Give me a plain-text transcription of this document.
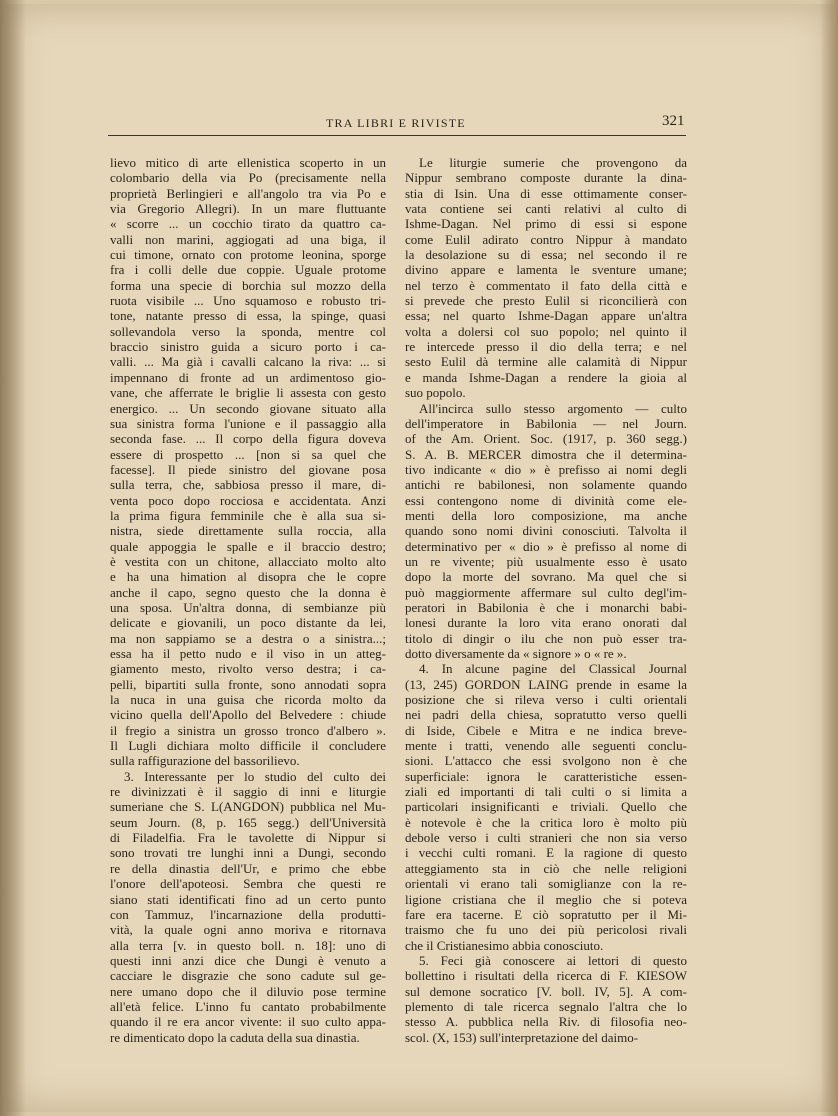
TRA LIBRI E RIVISTE	321
lievo mitico di arte ellenistica scoperto in un
colombario della via Po (precisamente nella
proprietà Berlingieri e all'angolo tra via Po e
via Gregorio Allegri). In un mare fluttuante
« scorre ... un cocchio tirato da quattro ca-
valli non marini, aggiogati ad una biga, il
cui timone, ornato con protome leonina, sporge
fra i colli delle due coppie. Uguale protome
forma una specie di borchia sul mozzo della
ruota visibile ... Uno squamoso e robusto tri-
tone, natante presso di essa, la spinge, quasi
sollevandola verso la sponda, mentre col
braccio sinistro guida a sicuro porto i ca-
valli. ... Ma già i cavalli calcano la riva: ... si
impennano di fronte ad un ardimentoso gio-
vane, che afferrate le briglie li assesta con gesto
energico. ... Un secondo giovane situato alla
sua sinistra forma l'unione e il passaggio alla
seconda fase. ... Il corpo della figura doveva
essere di prospetto ... [non si sa quel che
facesse]. Il piede sinistro del giovane posa
sulla terra, che, sabbiosa presso il mare, di-
venta poco dopo rocciosa e accidentata. Anzi
la prima figura femminile che è alla sua si-
nistra, siede direttamente sulla roccia, alla
quale appoggia le spalle e il braccio destro;
è vestita con un chitone, allacciato molto alto
e ha una himation al disopra che le copre
anche il capo, segno questo che la donna è
una sposa. Un'altra donna, di sembianze più
delicate e giovanili, un poco distante da lei,
ma non sappiamo se a destra o a sinistra...;
essa ha il petto nudo e il viso in un atteg-
giamento mesto, rivolto verso destra; i ca-
pelli, bipartiti sulla fronte, sono annodati sopra
la nuca in una guisa che ricorda molto da
vicino quella dell'Apollo del Belvedere : chiude
il fregio a sinistra un grosso tronco d'albero ».
Il Lugli dichiara molto difficile il concludere
sulla raffigurazione del bassorilievo.
3. Interessante per lo studio del culto dei
re divinizzati è il saggio di inni e liturgie
sumeriane che S. L(ANGDON) pubblica nel Mu-
seum Journ. (8, p. 165 segg.) dell'Università
di Filadelfia. Fra le tavolette di Nippur si
sono trovati tre lunghi inni a Dungi, secondo
re della dinastia dell'Ur, e primo che ebbe
l'onore dell'apoteosi. Sembra che questi re
siano stati identificati fino ad un certo punto
con Tammuz, l'incarnazione della produtti-
vità, la quale ogni anno moriva e ritornava
alla terra [v. in questo boll. n. 18]: uno di
questi inni anzi dice che Dungi è venuto a
cacciare le disgrazie che sono cadute sul ge-
nere umano dopo che il diluvio pose termine
all'età felice. L'inno fu cantato probabilmente
quando il re era ancor vivente: il suo culto appa-
re dimenticato dopo la caduta della sua dinastia.
Le liturgie sumerie che provengono da
Nippur sembrano composte durante la dina-
stia di Isin. Una di esse ottimamente conser-
vata contiene sei canti relativi al culto di
Ishme-Dagan. Nel primo di essi si espone
come Eulil adirato contro Nippur à mandato
la desolazione su di essa; nel secondo il re
divino appare e lamenta le sventure umane;
nel terzo è commentato il fato della città e
si prevede che presto Eulil si riconcilierà con
essa; nel quarto Ishme-Dagan appare un'altra
volta a dolersi col suo popolo; nel quinto il
re intercede presso il dio della terra; e nel
sesto Eulil dà termine alle calamità di Nippur
e manda Ishme-Dagan a rendere la gioia al
suo popolo.
All'incirca sullo stesso argomento — culto
dell'imperatore in Babilonia — nel Journ.
of the Am. Orient. Soc. (1917, p. 360 segg.)
S. A. B. MERCER dimostra che il determina-
tivo indicante « dio » è prefisso ai nomi degli
antichi re babilonesi, non solamente quando
essi contengono nome di divinità come ele-
menti della loro composizione, ma anche
quando sono nomi divini conosciuti. Talvolta il
determinativo per « dio » è prefisso al nome di
un re vivente; più usualmente esso è usato
dopo la morte del sovrano. Ma quel che si
può maggiormente affermare sul culto degl'im-
peratori in Babilonia è che i monarchi babi-
lonesi durante la loro vita erano onorati dal
titolo di dingir o ilu che non può esser tra-
dotto diversamente da « signore » o « re ».
4. In alcune pagine del Classical Journal
(13, 245) GORDON LAING prende in esame la
posizione che si rileva verso i culti orientali
nei padri della chiesa, sopratutto verso quelli
di Iside, Cibele e Mitra e ne indica breve-
mente i tratti, venendo alle seguenti conclu-
sioni. L'attacco che essi svolgono non è che
superficiale: ignora le caratteristiche essen-
ziali ed importanti di tali culti o si limita a
particolari insignificanti e triviali. Quello che
è notevole è che la critica loro è molto più
debole verso i culti stranieri che non sia verso
i vecchi culti romani. E la ragione di questo
atteggiamento sta in ciò che nelle religioni
orientali vi erano tali somiglianze con la re-
ligione cristiana che il meglio che si poteva
fare era tacerne. E ciò sopratutto per il Mi-
traismo che fu uno dei più pericolosi rivali
che il Cristianesimo abbia conosciuto.
5. Feci già conoscere ai lettori di questo
bollettino i risultati della ricerca di F. KIESOW
sul demone socratico [V. boll. IV, 5]. A com-
plemento di tale ricerca segnalo l'altra che lo
stesso A. pubblica nella Riv. di filosofia neo-
scol. (X, 153) sull'interpretazione del daimo-
